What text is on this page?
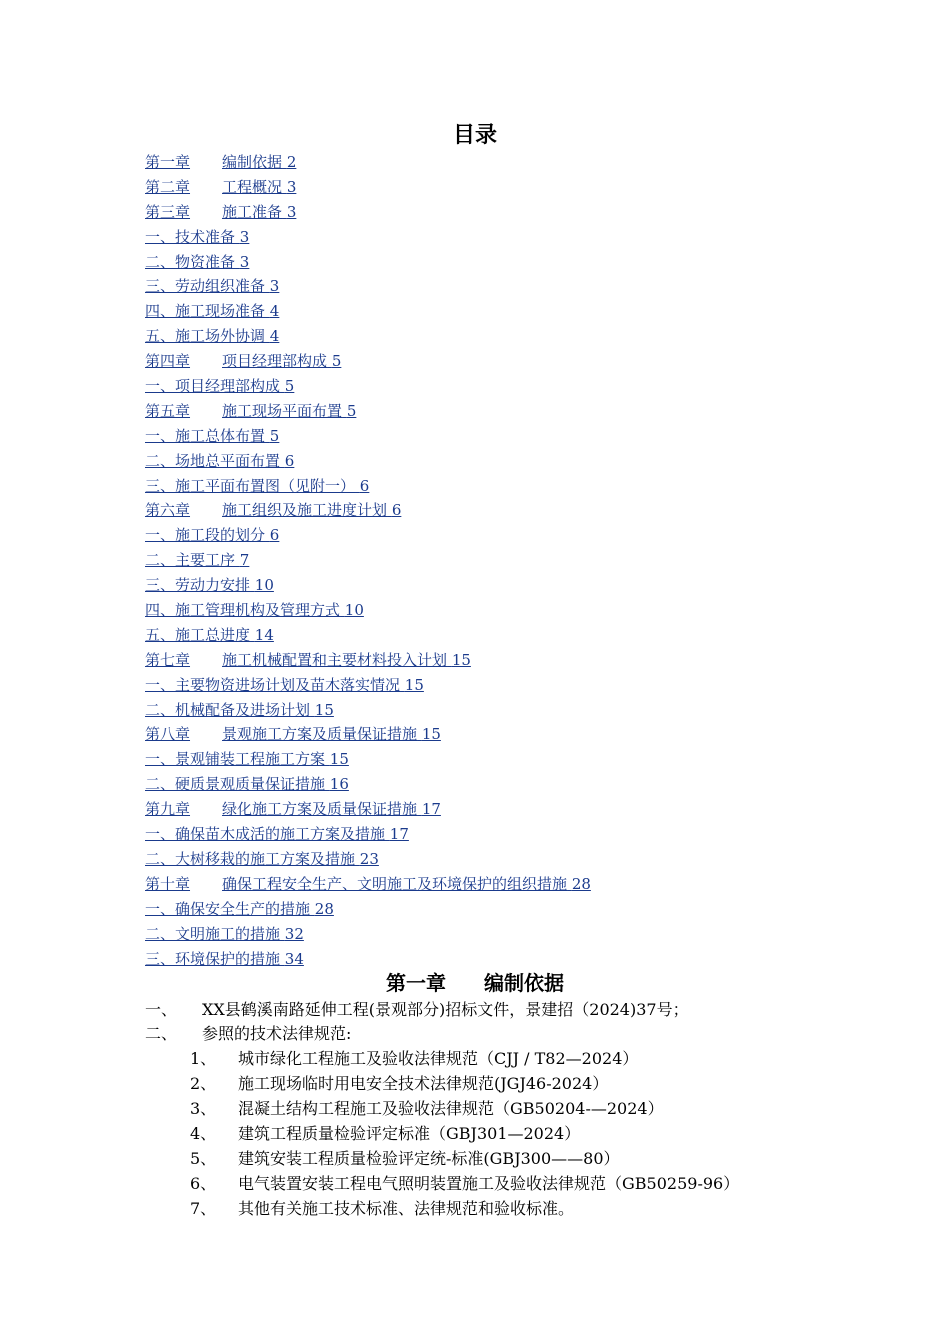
目录
第一章 编制依据 2
第二章 工程概况 3
第三章 施工准备 3
一、技术准备 3
二、物资准备 3
三、劳动组织准备 3
四、施工现场准备 4
五、施工场外协调 4
第四章 项目经理部构成 5
一、项目经理部构成 5
第五章 施工现场平面布置 5
一、施工总体布置 5
二、场地总平面布置 6
三、施工平面布置图（见附一） 6
第六章 施工组织及施工进度计划 6
一、施工段的划分 6
二、主要工序 7
三、劳动力安排 10
四、施工管理机构及管理方式 10
五、施工总进度 14
第七章 施工机械配置和主要材料投入计划 15
一、主要物资进场计划及苗木落实情况 15
二、机械配备及进场计划 15
第八章 景观施工方案及质量保证措施 15
一、景观铺装工程施工方案 15
二、硬质景观质量保证措施 16
第九章 绿化施工方案及质量保证措施 17
一、确保苗木成活的施工方案及措施 17
二、大树移栽的施工方案及措施 23
第十章 确保工程安全生产、文明施工及环境保护的组织措施 28
一、确保安全生产的措施 28
二、文明施工的措施 32
三、环境保护的措施 34
第一章 编制依据
一、 XX县鹤溪南路延伸工程(景观部分)招标文件，景建招（2024)37号；
二、 参照的技术法律规范:
1、 城市绿化工程施工及验收法律规范（CJJ / T82—2024）
2、 施工现场临时用电安全技术法律规范(JGJ46-2024）
3、 混凝土结构工程施工及验收法律规范（GB50204-—2024）
4、 建筑工程质量检验评定标准（GBJ301—2024）
5、 建筑安装工程质量检验评定统-标准(GBJ300——80）
6、 电气装置安装工程电气照明装置施工及验收法律规范（GB50259-96）
7、 其他有关施工技术标准、法律规范和验收标准。
